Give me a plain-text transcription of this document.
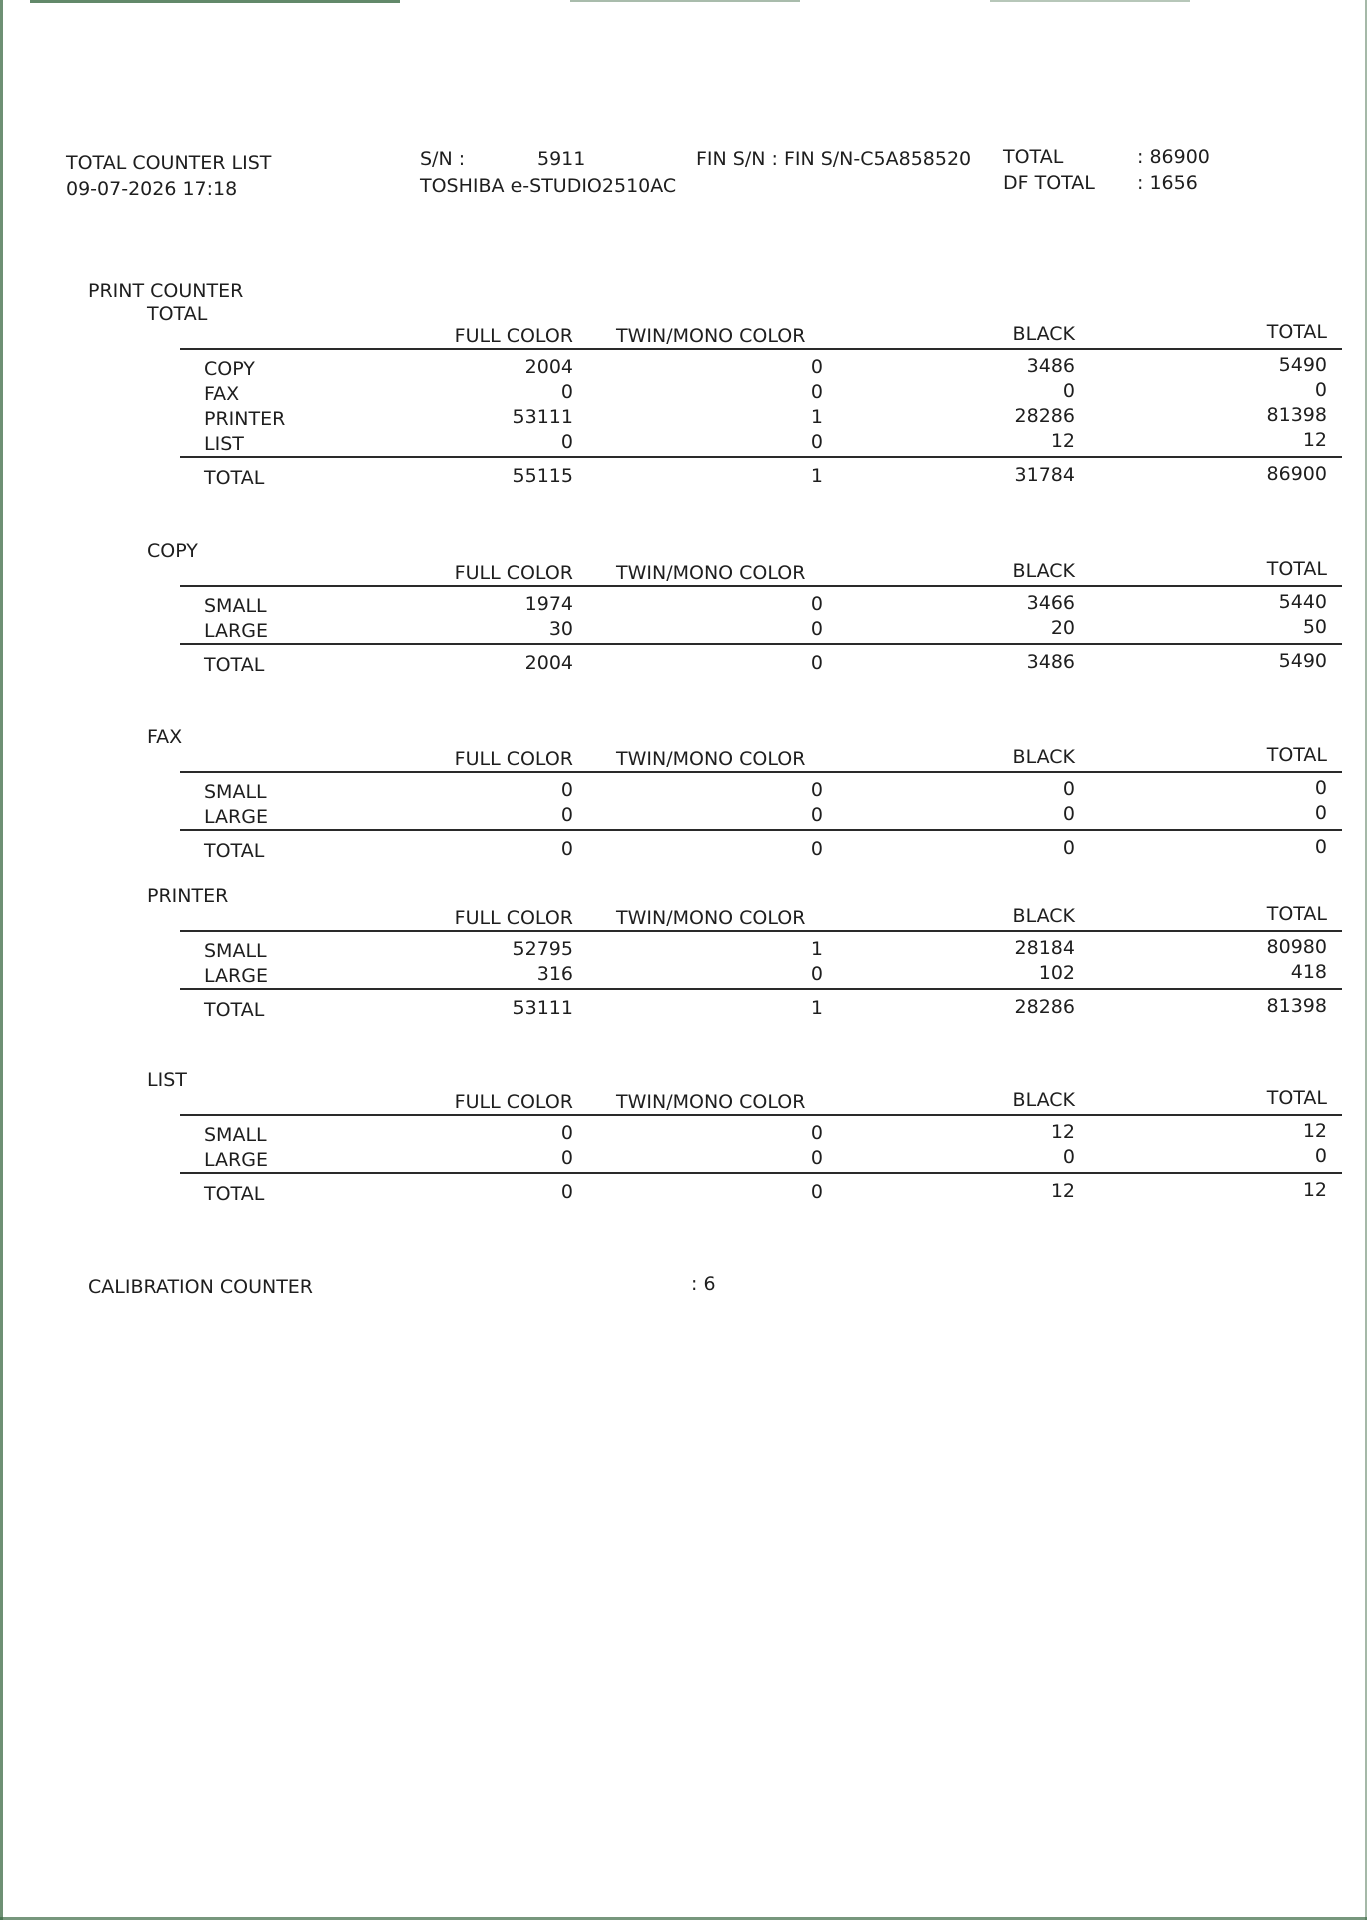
TOTAL COUNTER LIST
09-07-2026 17:18
S/N :	5911
TOSHIBA e-STUDIO2510AC
FIN S/N : FIN S/N-C5A858520 TOTAL	: 86900
DF TOTAL : 1656
PRINT COUNTER
TOTAL
FULL COLOR TWIN/MONO COLOR	BLACK	TOTAL
COPY	2004	0	3486	5490
FAX	0	0	0	0
PRINTER	53111	1	28286	81398
LIST	0	0	12	12
TOTAL	55115	1	31784	86900
COPY
FULL COLOR TWIN/MONO COLOR	BLACK	TOTAL
SMALL	1974	0	3466	5440
LARGE	30	0	20	50
TOTAL	2004	0	3486	5490
FAX
FULL COLOR TWIN/MONO COLOR	BLACK	TOTAL
SMALL	0	0	0	0
LARGE	0	0	0	0
TOTAL	0	0	0	0
PRINTER
FULL COLOR TWIN/MONO COLOR	BLACK	TOTAL
SMALL	52795	1	28184	80980
LARGE	316	0	102	418
TOTAL	53111	1	28286	81398
LIST
FULL COLOR TWIN/MONO COLOR	BLACK	TOTAL
SMALL	0	0	12	12
LARGE	0	0	0	0
TOTAL	0	0	12	12
CALIBRATION COUNTER	: 6
